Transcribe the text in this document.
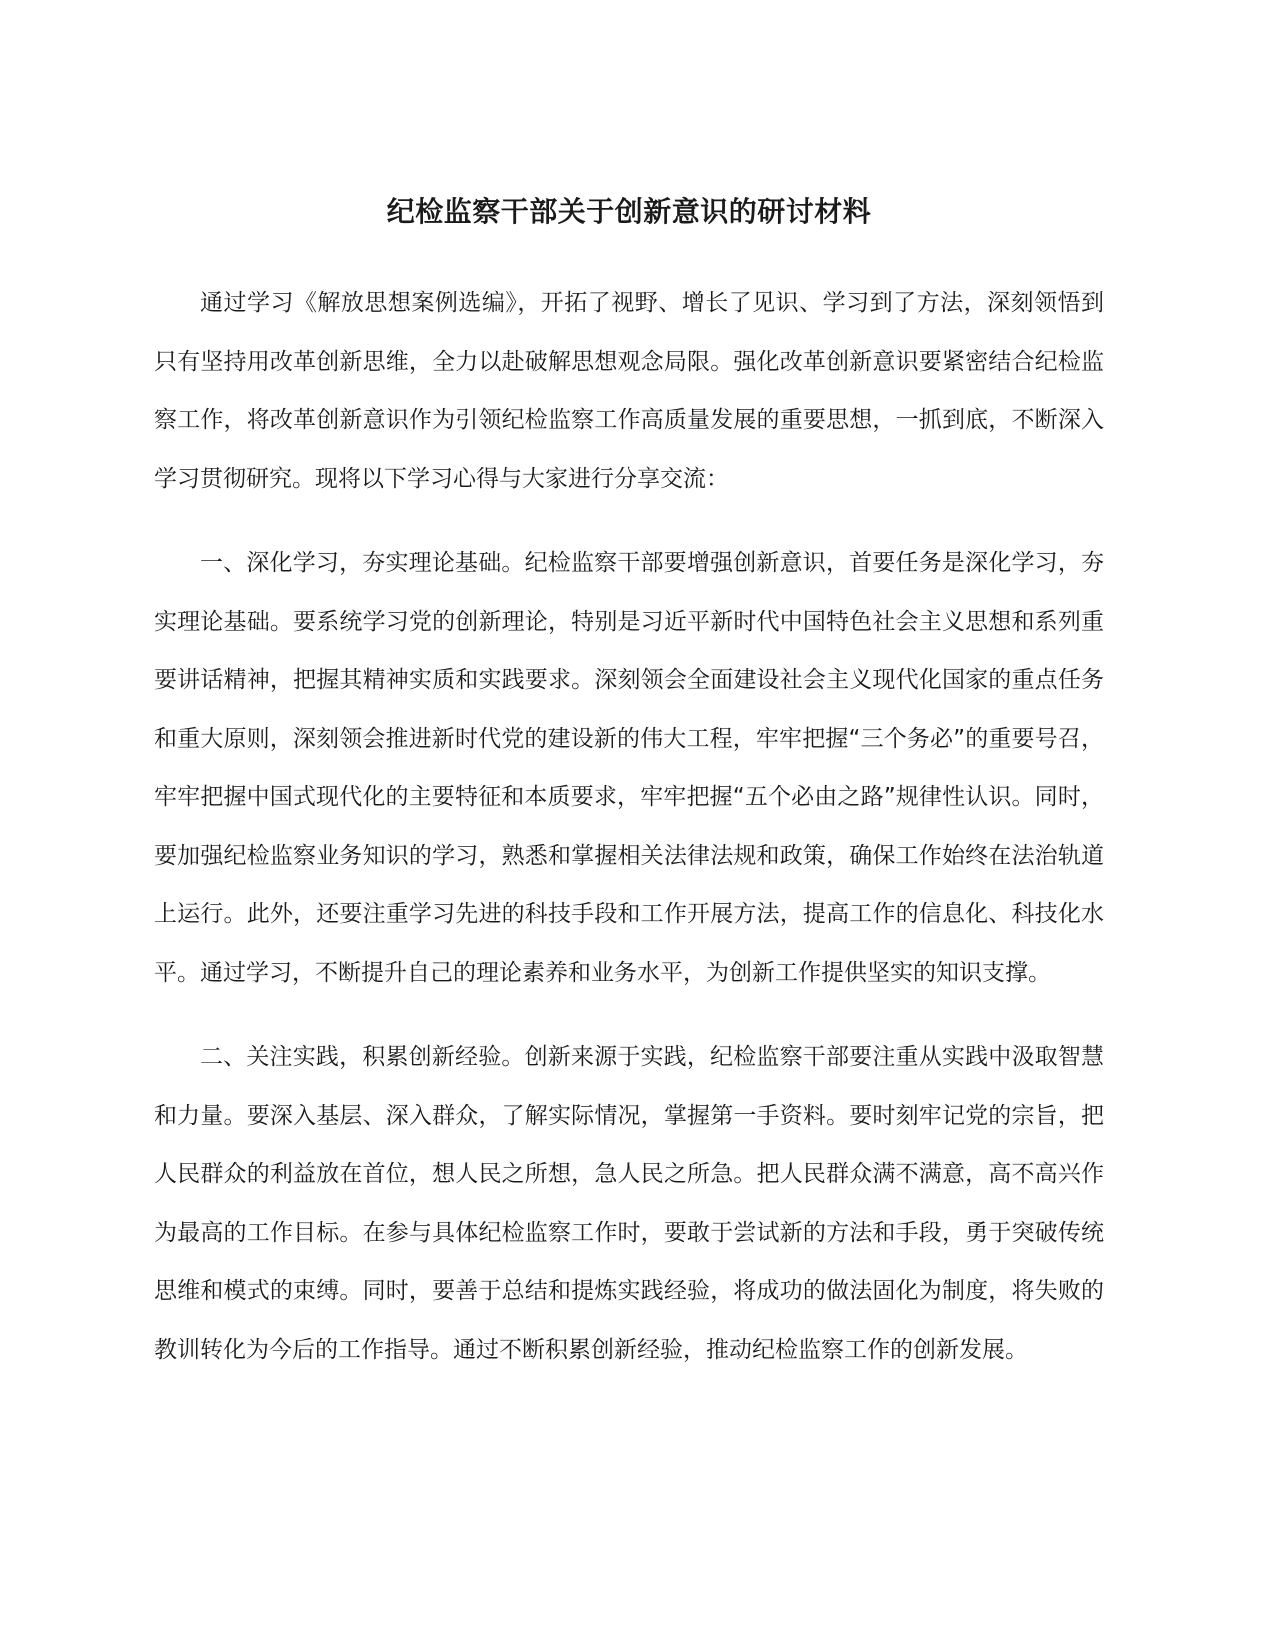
纪检监察干部关于创新意识的研讨材料

通过学习《解放思想案例选编》，开拓了视野、增长了见识、学习到了方法，深刻领悟到只有坚持用改革创新思维，全力以赴破解思想观念局限。强化改革创新意识要紧密结合纪检监察工作，将改革创新意识作为引领纪检监察工作高质量发展的重要思想，一抓到底，不断深入学习贯彻研究。现将以下学习心得与大家进行分享交流：

一、深化学习，夯实理论基础。纪检监察干部要增强创新意识，首要任务是深化学习，夯实理论基础。要系统学习党的创新理论，特别是习近平新时代中国特色社会主义思想和系列重要讲话精神，把握其精神实质和实践要求。深刻领会全面建设社会主义现代化国家的重点任务和重大原则，深刻领会推进新时代党的建设新的伟大工程，牢牢把握“三个务必”的重要号召，牢牢把握中国式现代化的主要特征和本质要求，牢牢把握“五个必由之路”规律性认识。同时，要加强纪检监察业务知识的学习，熟悉和掌握相关法律法规和政策，确保工作始终在法治轨道上运行。此外，还要注重学习先进的科技手段和工作开展方法，提高工作的信息化、科技化水平。通过学习，不断提升自己的理论素养和业务水平，为创新工作提供坚实的知识支撑。

二、关注实践，积累创新经验。创新来源于实践，纪检监察干部要注重从实践中汲取智慧和力量。要深入基层、深入群众，了解实际情况，掌握第一手资料。要时刻牢记党的宗旨，把人民群众的利益放在首位，想人民之所想，急人民之所急。把人民群众满不满意，高不高兴作为最高的工作目标。在参与具体纪检监察工作时，要敢于尝试新的方法和手段，勇于突破传统思维和模式的束缚。同时，要善于总结和提炼实践经验，将成功的做法固化为制度，将失败的教训转化为今后的工作指导。通过不断积累创新经验，推动纪检监察工作的创新发展。
